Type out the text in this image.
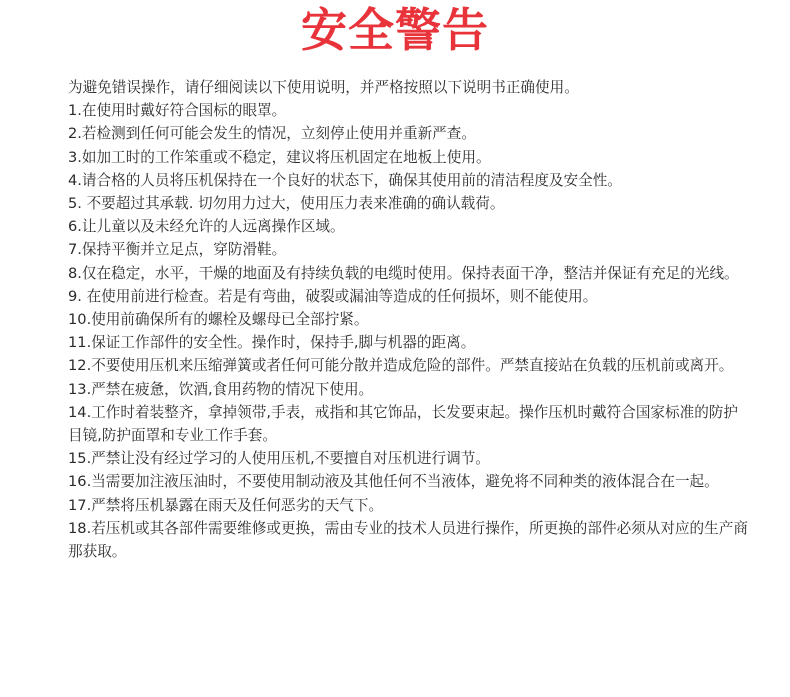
安全警告

为避免错误操作，请仔细阅读以下使用说明，并严格按照以下说明书正确使用。

1.在使用时戴好符合国标的眼罩。

2.若检测到任何可能会发生的情况，立刻停止使用并重新严查。

3.如加工时的工作笨重或不稳定，建议将压机固定在地板上使用。

4.请合格的人员将压机保持在一个良好的状态下，确保其使用前的清洁程度及安全性。

5. 不要超过其承载. 切勿用力过大，使用压力表来准确的确认载荷。

6.让儿童以及未经允许的人远离操作区域。

7.保持平衡并立足点，穿防滑鞋。

8.仅在稳定，水平，干燥的地面及有持续负载的电缆时使用。保持表面干净，整洁并保证有充足的光线。

9. 在使用前进行检查。若是有弯曲，破裂或漏油等造成的任何损坏，则不能使用。

10.使用前确保所有的螺栓及螺母已全部拧紧。

11.保证工作部件的安全性。操作时，保持手,脚与机器的距离。

12.不要使用压机来压缩弹簧或者任何可能分散并造成危险的部件。严禁直接站在负载的压机前或离开。

13.严禁在疲惫，饮酒,食用药物的情况下使用。

14.工作时着装整齐，拿掉领带,手表，戒指和其它饰品，长发要束起。操作压机时戴符合国家标准的防护目镜,防护面罩和专业工作手套。

15.严禁让没有经过学习的人使用压机,不要擅自对压机进行调节。

16.当需要加注液压油时，不要使用制动液及其他任何不当液体，避免将不同种类的液体混合在一起。

17.严禁将压机暴露在雨天及任何恶劣的天气下。

18.若压机或其各部件需要维修或更换，需由专业的技术人员进行操作，所更换的部件必须从对应的生产商那获取。
